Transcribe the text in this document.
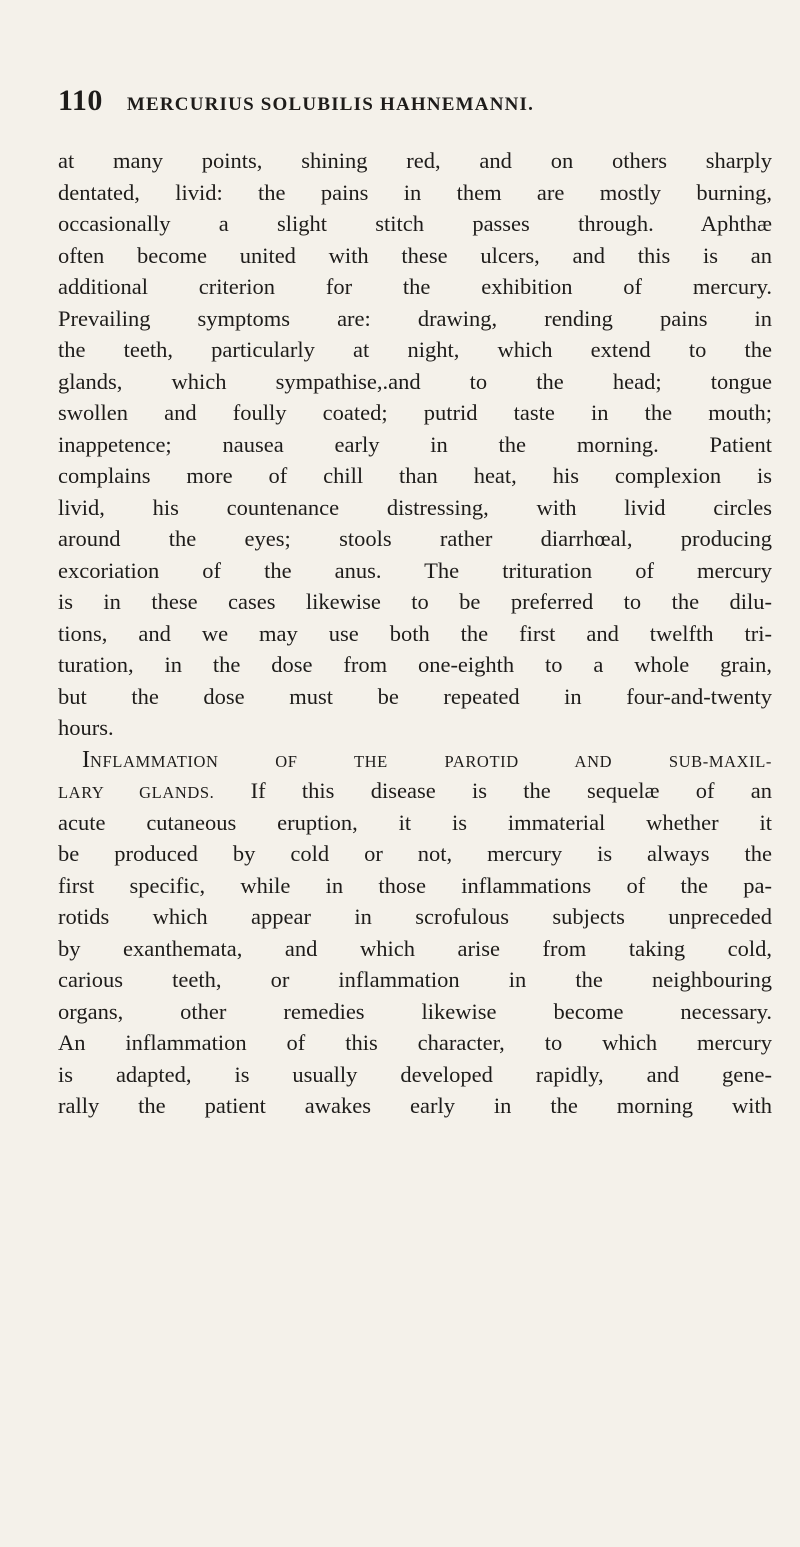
110 MERCURIUS SOLUBILIS HAHNEMANNI.
at many points, shining red, and on others sharply
dentated, livid: the pains in them are mostly burning,
occasionally a slight stitch passes through. Aphthæ
often become united with these ulcers, and this is an
additional criterion for the exhibition of mercury.
Prevailing symptoms are: drawing, rending pains in
the teeth, particularly at night, which extend to the
glands, which sympathise,.and to the head; tongue
swollen and foully coated; putrid taste in the mouth;
inappetence; nausea early in the morning. Patient
complains more of chill than heat, his complexion is
livid, his countenance distressing, with livid circles
around the eyes; stools rather diarrhœal, producing
excoriation of the anus. The trituration of mercury
is in these cases likewise to be preferred to the dilu-
tions, and we may use both the first and twelfth tri-
turation, in the dose from one-eighth to a whole grain,
but the dose must be repeated in four-and-twenty
hours.
INFLAMMATION OF THE PAROTID AND SUB-MAXIL-
LARY GLANDS. If this disease is the sequelæ of an
acute cutaneous eruption, it is immaterial whether it
be produced by cold or not, mercury is always the
first specific, while in those inflammations of the pa-
rotids which appear in scrofulous subjects unpreceded
by exanthemata, and which arise from taking cold,
carious teeth, or inflammation in the neighbouring
organs, other remedies likewise become necessary.
An inflammation of this character, to which mercury
is adapted, is usually developed rapidly, and gene-
rally the patient awakes early in the morning with
